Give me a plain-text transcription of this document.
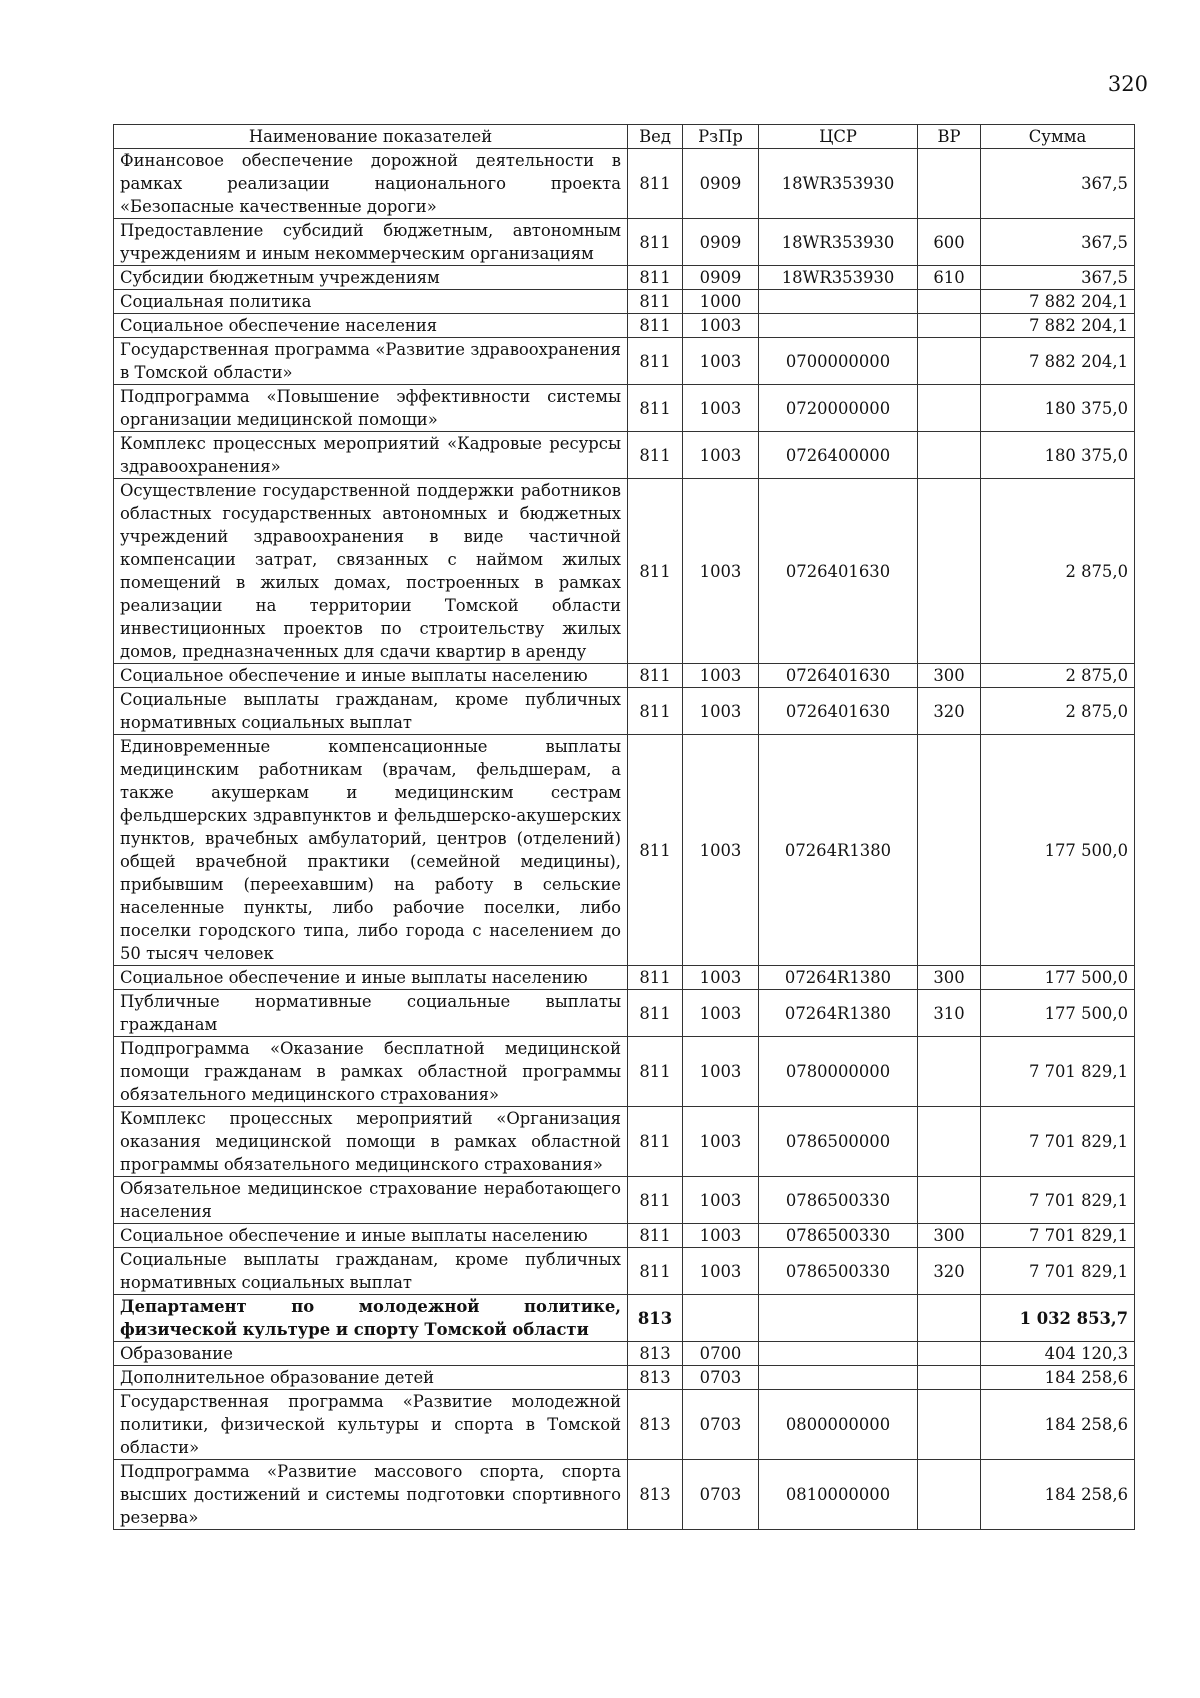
320
Наименование показателей	Вед	РзПр	ЦСР	ВР	Сумма
Финансовое обеспечение дорожной деятельности в рамках реализации национального проекта «Безопасные качественные дороги»	811	0909	18WR353930		367,5
Предоставление субсидий бюджетным, автономным учреждениям и иным некоммерческим организациям	811	0909	18WR353930	600	367,5
Субсидии бюджетным учреждениям	811	0909	18WR353930	610	367,5
Социальная политика	811	1000			7 882 204,1
Социальное обеспечение населения	811	1003			7 882 204,1
Государственная программа «Развитие здравоохранения в Томской области»	811	1003	0700000000		7 882 204,1
Подпрограмма «Повышение эффективности системы организации медицинской помощи»	811	1003	0720000000		180 375,0
Комплекс процессных мероприятий «Кадровые ресурсы здравоохранения»	811	1003	0726400000		180 375,0
Осуществление государственной поддержки работников областных государственных автономных и бюджетных учреждений здравоохранения в виде частичной компенсации затрат, связанных с наймом жилых помещений в жилых домах, построенных в рамках реализации на территории Томской области инвестиционных проектов по строительству жилых домов, предназначенных для сдачи квартир в аренду	811	1003	0726401630		2 875,0
Социальное обеспечение и иные выплаты населению	811	1003	0726401630	300	2 875,0
Социальные выплаты гражданам, кроме публичных нормативных социальных выплат	811	1003	0726401630	320	2 875,0
Единовременные компенсационные выплаты медицинским работникам (врачам, фельдшерам, а также акушеркам и медицинским сестрам фельдшерских здравпунктов и фельдшерско-акушерских пунктов, врачебных амбулаторий, центров (отделений) общей врачебной практики (семейной медицины), прибывшим (переехавшим) на работу в сельские населенные пункты, либо рабочие поселки, либо поселки городского типа, либо города с населением до 50 тысяч человек	811	1003	07264R1380		177 500,0
Социальное обеспечение и иные выплаты населению	811	1003	07264R1380	300	177 500,0
Публичные нормативные социальные выплаты гражданам	811	1003	07264R1380	310	177 500,0
Подпрограмма «Оказание бесплатной медицинской помощи гражданам в рамках областной программы обязательного медицинского страхования»	811	1003	0780000000		7 701 829,1
Комплекс процессных мероприятий «Организация оказания медицинской помощи в рамках областной программы обязательного медицинского страхования»	811	1003	0786500000		7 701 829,1
Обязательное медицинское страхование неработающего населения	811	1003	0786500330		7 701 829,1
Социальное обеспечение и иные выплаты населению	811	1003	0786500330	300	7 701 829,1
Социальные выплаты гражданам, кроме публичных нормативных социальных выплат	811	1003	0786500330	320	7 701 829,1
Департамент по молодежной политике, физической культуре и спорту Томской области	813				1 032 853,7
Образование	813	0700			404 120,3
Дополнительное образование детей	813	0703			184 258,6
Государственная программа «Развитие молодежной политики, физической культуры и спорта в Томской области»	813	0703	0800000000		184 258,6
Подпрограмма «Развитие массового спорта, спорта высших достижений и системы подготовки спортивного резерва»	813	0703	0810000000		184 258,6
